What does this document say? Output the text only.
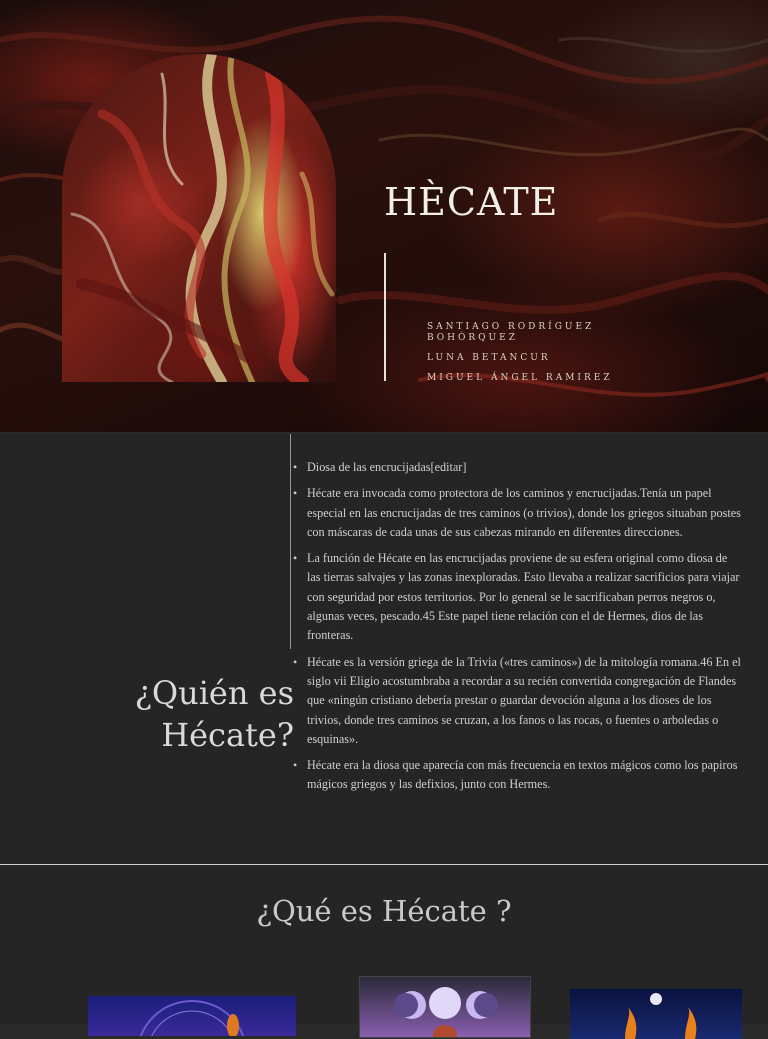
HÈCATE

SANTIAGO RODRÍGUEZ BOHÓRQUEZ

LUNA BETANCUR

MIGUEL ÁNGEL RAMIREZ

¿Quién es
Hécate?
• Diosa de las encrucijadas[editar]
• Hécate era invocada como protectora de los caminos y encrucijadas.Tenía un papel especial en las encrucijadas de tres caminos (o trivios), donde los griegos situaban postes con máscaras de cada unas de sus cabezas mirando en diferentes direcciones.
• La función de Hécate en las encrucijadas proviene de su esfera original como diosa de las tierras salvajes y las zonas inexploradas. Esto llevaba a realizar sacrificios para viajar con seguridad por estos territorios. Por lo general se le sacrificaban perros negros o, algunas veces, pescado.45 Este papel tiene relación con el de Hermes, dios de las fronteras.
• Hécate es la versión griega de la Trivia («tres caminos») de la mitología romana.46 En el siglo vii Eligio acostumbraba a recordar a su recién convertida congregación de Flandes que «ningún cristiano debería prestar o guardar devoción alguna a los dioses de los trivios, donde tres caminos se cruzan, a los fanos o las rocas, o fuentes o arboledas o esquinas».
• Hécate era la diosa que aparecía con más frecuencia en textos mágicos como los papiros mágicos griegos y las defixios, junto con Hermes.
¿Qué es Hécate ?
